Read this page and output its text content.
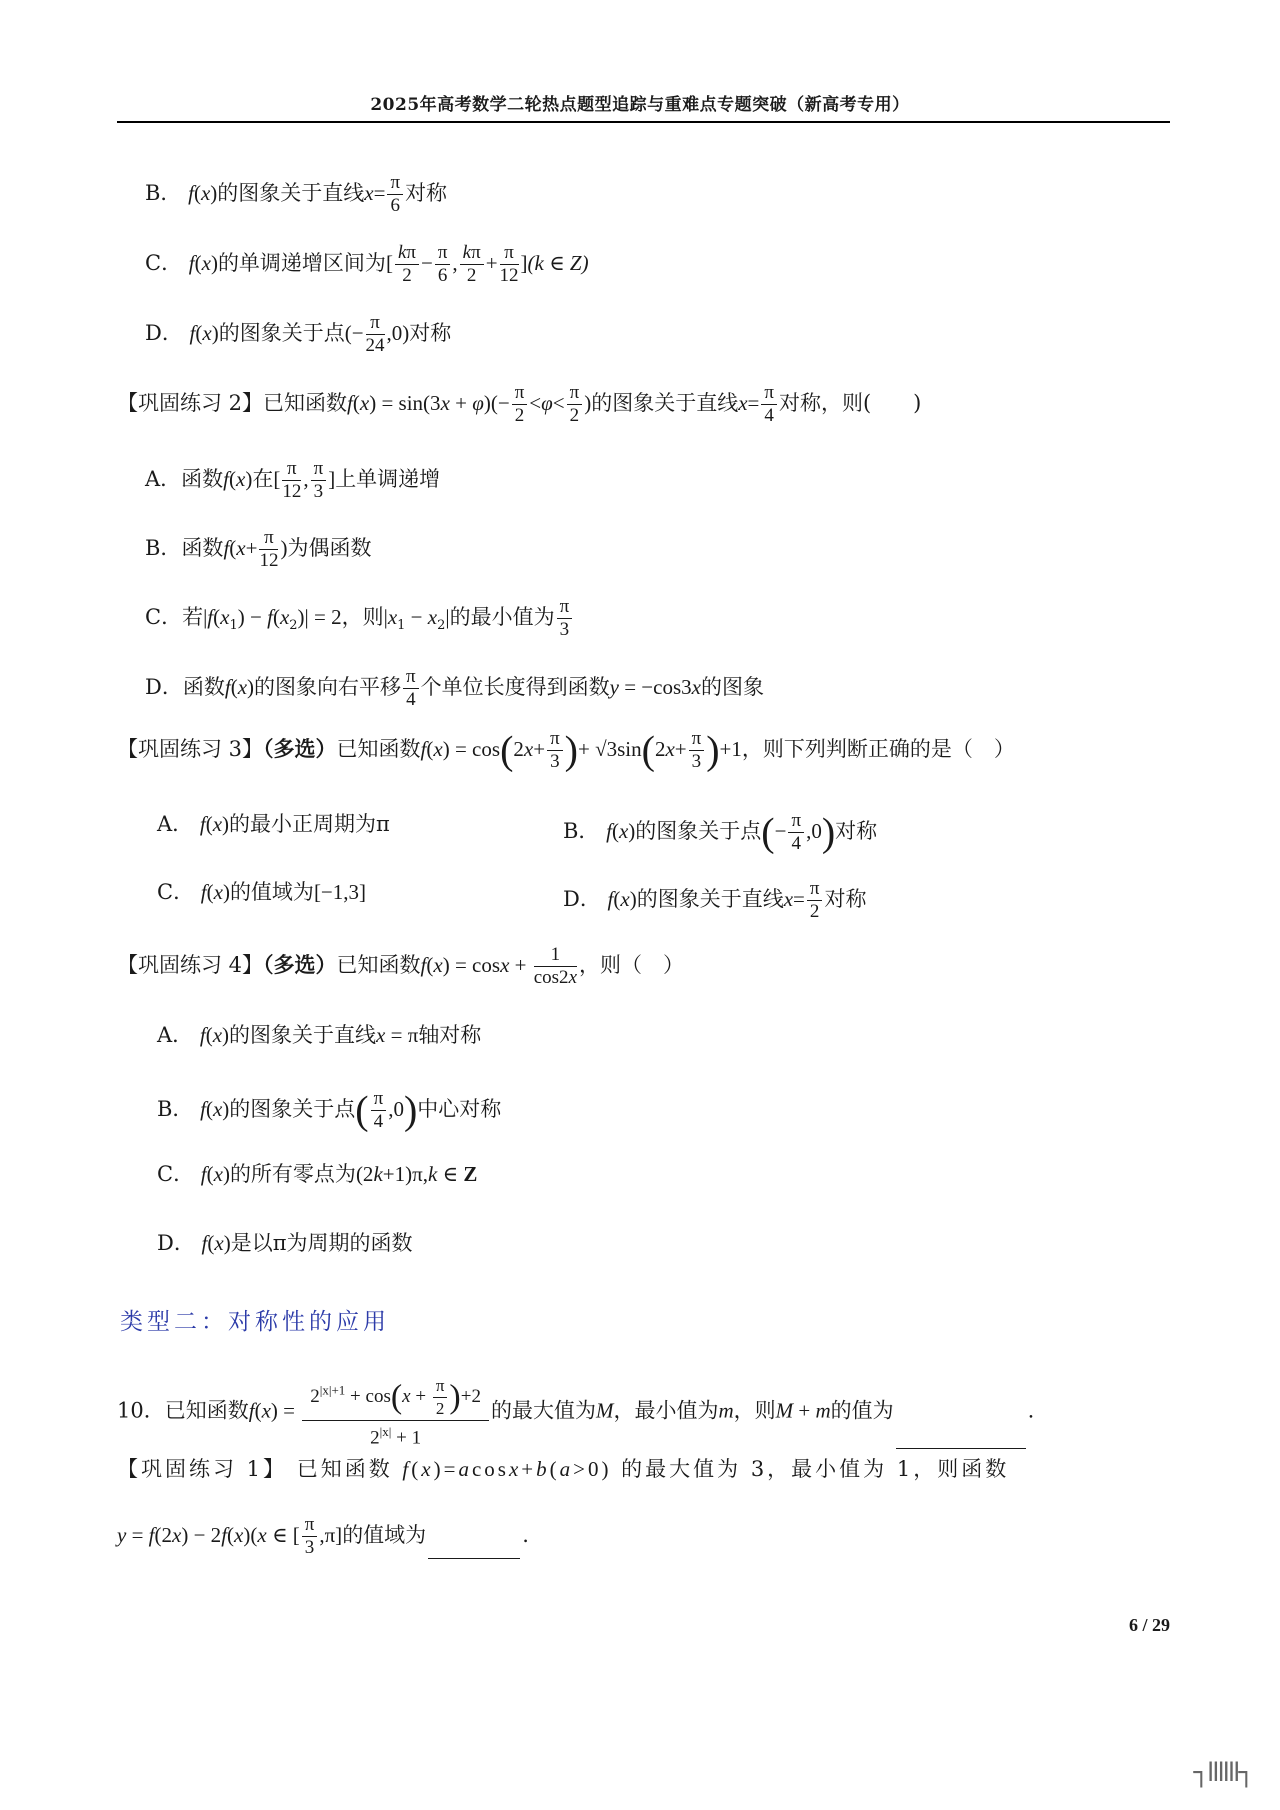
2025年高考数学二轮热点题型追踪与重难点专题突破（新高考专用）
B． f(x)的图象关于直线$x= \frac{\pi}{6}$ 对称
C． f(x)的单调递增区间为[ $\frac{k\pi}{2} - \frac{\pi}{6}$ , $\frac{k\pi}{2} + \frac{\pi}{12} ](k$ ∈ Z)
D． f(x)的图象关于点(− $\frac{\pi}{24} ,0$)对称
【巩固练习 2】已知函数$f(x) = \sin(3x + \varphi)(- \frac{\pi}{2} <\varphi< \frac{\pi}{2}$ )的图象关于直线$x= \frac{\pi}{4}$ 对称，则(　　)
A．函数f(x)在[ $\frac{\pi}{12}$ , $\frac{\pi}{3}$ ]上单调递增
B．函数$f(x+ \frac{\pi}{12}$ )为偶函数
C．若$|f(x_1) - f(x_2)| = 2$，则$|x_1 - x_2|$的最小值为 $\frac{\pi}{3}$
D．函数f(x)的图象向右平移 $\frac{\pi}{4}$ 个单位长度得到函数y = −cos3x的图象
【巩固练习 3】（多选）已知函数$f(x) = \cos(2x+ \frac{\pi}{3}$ )+ $√3\sin(2x+ \frac{\pi}{3} )+1$，则下列判断正确的是（　）
A． f(x)的最小正周期为π	B． f(x)的图象关于点(− $\frac{\pi}{4} ,0$)对称
C． f(x)的值域为[−1,3]	D． f(x)的图象关于直线$x= \frac{\pi}{2}$ 对称
【巩固练习 4】（多选）已知函数$f(x) = \cos x + \frac{1}{\cos 2x}$ ，则（　）
A． f(x)的图象关于直线x = π轴对称
B． f(x)的图象关于点( $\frac{\pi}{4} ,0$)中心对称
C． f(x)的所有零点为(2k+1)π,k ∈ Z
D． f(x)是以π为周期的函数
类型二：对称性的应用
10．已知函数$f(x) = \frac{2^{|x|+1} + \cos(x + \frac{\pi}{2} )+2}{2^{|x|} + 1}$ 的最大值为M，最小值为m，则M + m的值为	.
【巩固练习 1】 已知函数 f(x)=acosx+b(a>0) 的最大值为 3，最小值为 1，则函数
y = f(2x) − 2f(x)(x ∈ [ $\frac{\pi}{3} ,\pi$]的值域为	.
6 / 29
┐llllll┐
